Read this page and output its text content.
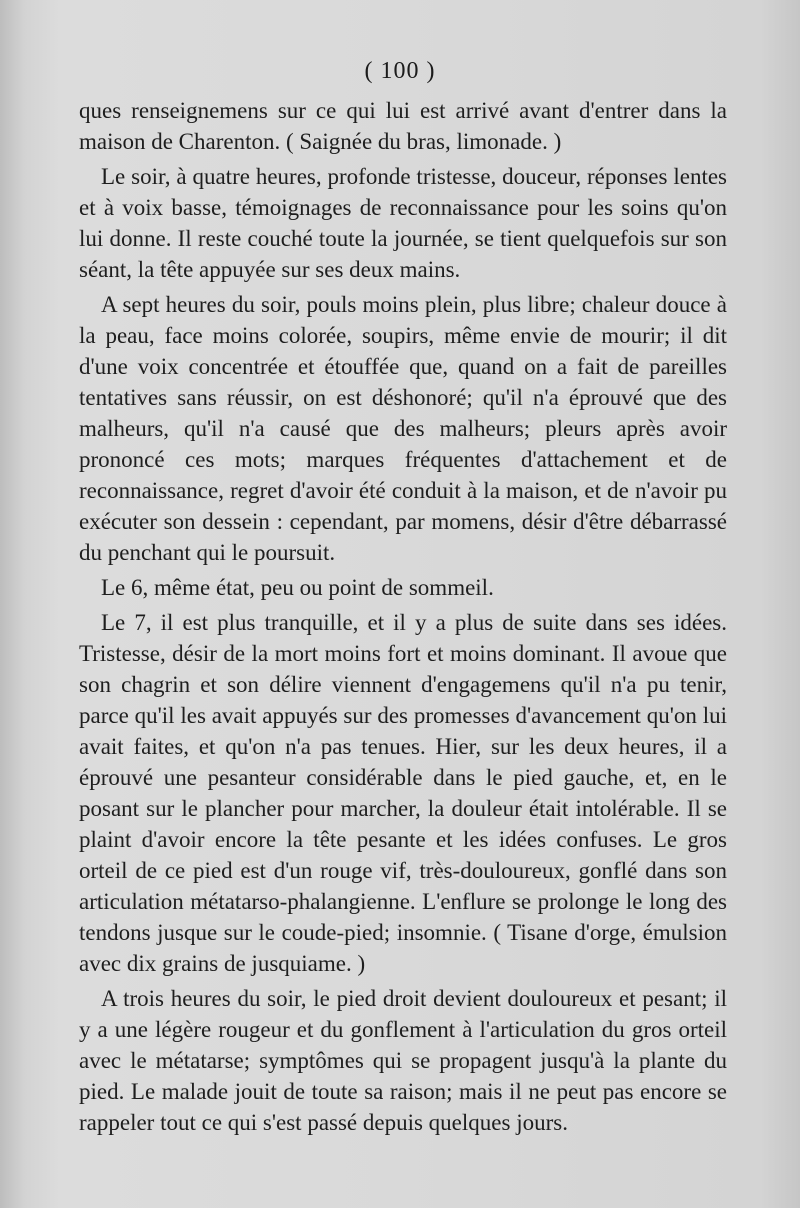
( 100 )

ques renseignemens sur ce qui lui est arrivé avant d'entrer dans la maison de Charenton. ( Saignée du bras, limonade. )

Le soir, à quatre heures, profonde tristesse, douceur, réponses lentes et à voix basse, témoignages de reconnaissance pour les soins qu'on lui donne. Il reste couché toute la journée, se tient quelquefois sur son séant, la tête appuyée sur ses deux mains.

A sept heures du soir, pouls moins plein, plus libre; chaleur douce à la peau, face moins colorée, soupirs, même envie de mourir; il dit d'une voix concentrée et étouffée que, quand on a fait de pareilles tentatives sans réussir, on est déshonoré; qu'il n'a éprouvé que des malheurs, qu'il n'a causé que des malheurs; pleurs après avoir prononcé ces mots; marques fréquentes d'attachement et de reconnaissance, regret d'avoir été conduit à la maison, et de n'avoir pu exécuter son dessein : cependant, par momens, désir d'être débarrassé du penchant qui le poursuit.

Le 6, même état, peu ou point de sommeil.

Le 7, il est plus tranquille, et il y a plus de suite dans ses idées. Tristesse, désir de la mort moins fort et moins dominant. Il avoue que son chagrin et son délire viennent d'engagemens qu'il n'a pu tenir, parce qu'il les avait appuyés sur des promesses d'avancement qu'on lui avait faites, et qu'on n'a pas tenues. Hier, sur les deux heures, il a éprouvé une pesanteur considérable dans le pied gauche, et, en le posant sur le plancher pour marcher, la douleur était intolérable. Il se plaint d'avoir encore la tête pesante et les idées confuses. Le gros orteil de ce pied est d'un rouge vif, très-douloureux, gonflé dans son articulation métatarso-phalangienne. L'enflure se prolonge le long des tendons jusque sur le coude-pied; insomnie. ( Tisane d'orge, émulsion avec dix grains de jusquiame. )

A trois heures du soir, le pied droit devient douloureux et pesant; il y a une légère rougeur et du gonflement à l'articulation du gros orteil avec le métatarse; symptômes qui se propagent jusqu'à la plante du pied. Le malade jouit de toute sa raison; mais il ne peut pas encore se rappeler tout ce qui s'est passé depuis quelques jours.
